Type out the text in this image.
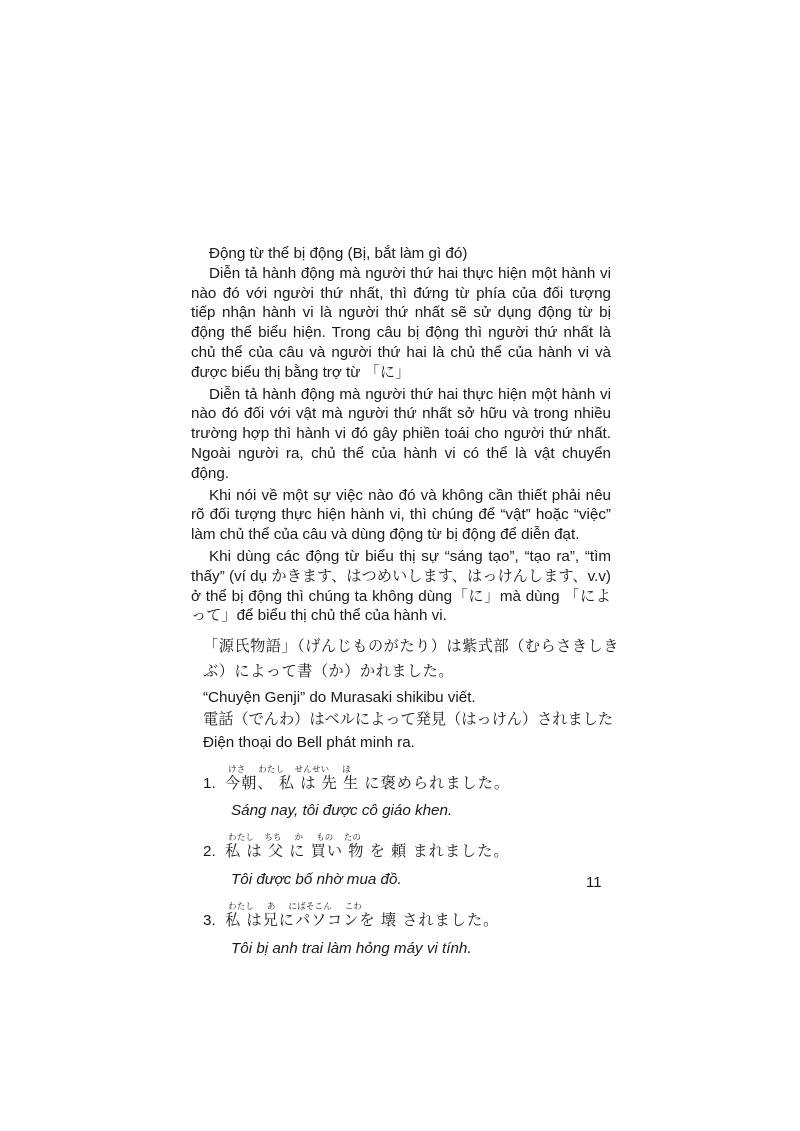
Động từ thể bị động (Bị, bắt làm gì đó)

Diễn tả hành động mà người thứ hai thực hiện một hành vi nào đó với người thứ nhất, thì đứng từ phía của đối tượng tiếp nhận hành vi là người thứ nhất sẽ sử dụng động từ bị động thể biểu hiện. Trong câu bị động thì người thứ nhất là chủ thể của câu và người thứ hai là chủ thể của hành vi và được biểu thị bằng trợ từ 「に」

Diễn tả hành động mà người thứ hai thực hiện một hành vi nào đó đối với vật mà người thứ nhất sở hữu và trong nhiều trường hợp thì hành vi đó gây phiền toái cho người thứ nhất. Ngoài người ra, chủ thể của hành vi có thể là vật chuyển động.

Khi nói về một sự việc nào đó và không cần thiết phải nêu rõ đối tượng thực hiện hành vi, thì chúng để “vật” hoặc “việc” làm chủ thể của câu và dùng động từ bị động để diễn đạt.

Khi dùng các động từ biểu thị sự “sáng tạo”, “tạo ra”, “tìm thấy” (ví dụ かきます、はつめいします、はっけんします、v.v) ở thể bị động thì chúng ta không dùng「に」mà dùng 「によって」để biểu thị chủ thể của hành vi.

「源氏物語」（げんじものがたり）は紫式部（むらさきしき
ぶ）によって書（か）かれました。

“Chuyện Genji” do Murasaki shikibu viết.

電話（でんわ）はベルによって発見（はっけん）されました

Điện thoại do Bell phát minh ra.

けさ     わたし    せんせい     ほ
1. 今朝、 私 は 先 生 に褒められました。

Sáng nay, tôi được cô giáo khen.

わたし    ちち     か     もの    たの
2. 私 は 父 に 買い 物 を 頼 まれました。

Tôi được bố nhờ mua đồ.

わたし     あ     にばそこん     こわ
3. 私 は兄にパソコンを 壊 されました。

Tôi bị anh trai làm hỏng máy vi tính.

11
